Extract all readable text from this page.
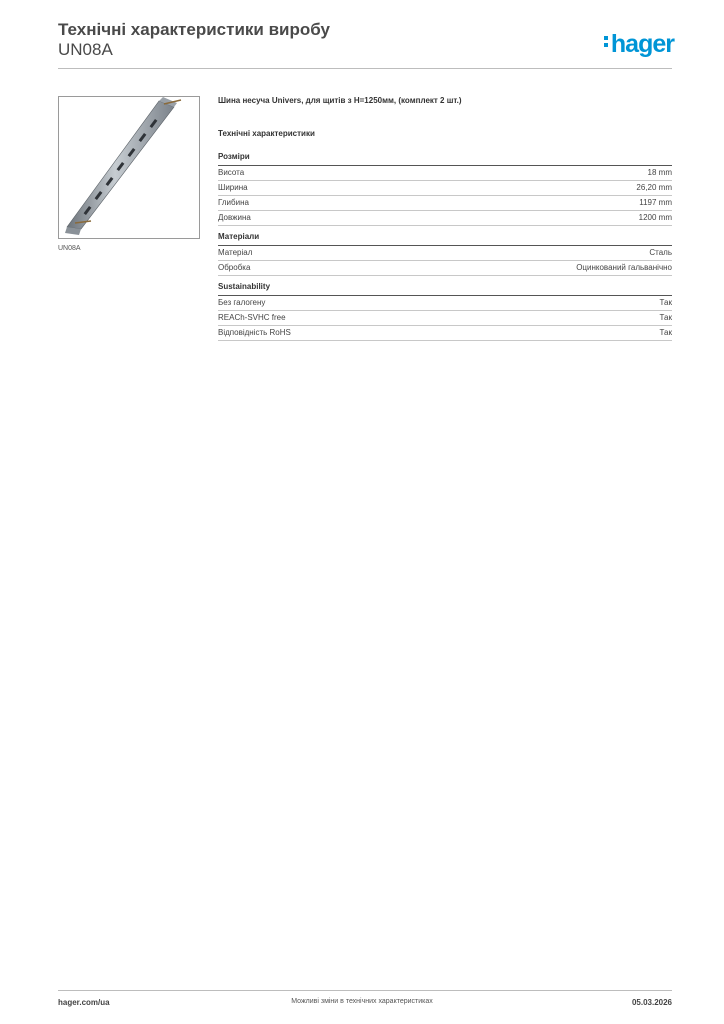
Технічні характеристики виробу
UN08A	hager
UN08A
Шина несуча Univers, для щитів з H=1250мм, (комплект 2 шт.)
Технічні характеристики
Розміри
Висота	18 mm
Ширина	26,20 mm
Глибина	1197 mm
Довжина	1200 mm
Матеріали
Матеріал	Сталь
Обробка	Оцинкований гальванічно
Sustainability
Без галогену	Так
REACh-SVHC free	Так
Відповідність RoHS	Так
hager.com/ua	Можливі зміни в технічних характеристиках	05.03.2026
